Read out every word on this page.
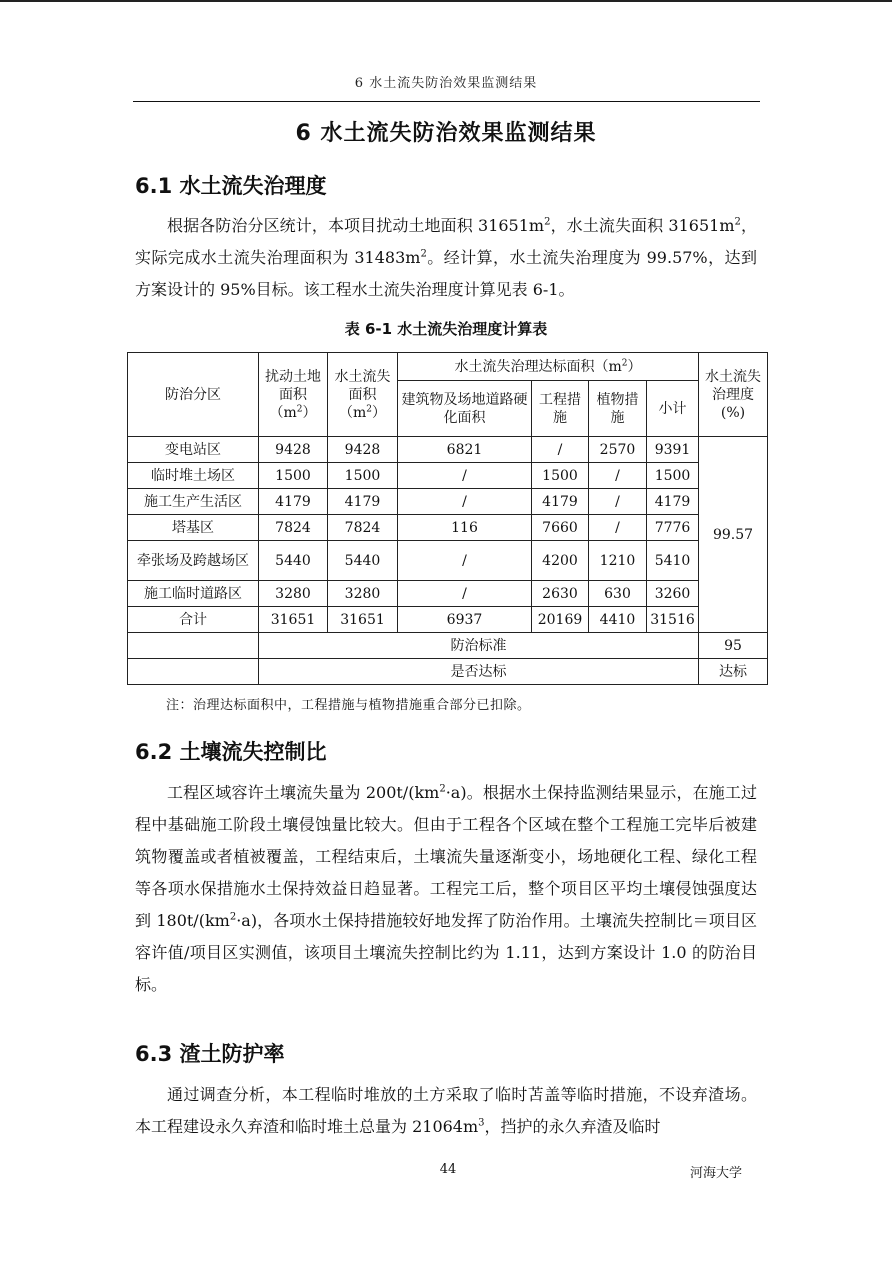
6 水土流失防治效果监测结果
6 水土流失防治效果监测结果
6.1 水土流失治理度

根据各防治分区统计，本项目扰动土地面积 $31651m^2$，水土流失面积 $31651m^2$，实际完成水土流失治理面积为 $31483m^2$。经计算，水土流失治理度为 99.57%，达到方案设计的 95%目标。该工程水土流失治理度计算见表 6-1。

表 6-1 水土流失治理度计算表
防治分区	扰动土地面积$(m^2)$	水土流失面积$(m^2)$	水土流失治理达标面积$(m^2)$				水土流失治理度(%)
			建筑物及场地道路硬化面积	工程措施	植物措施	小计	
变电站区	9428	9428	6821	/	2570	9391	99.57
临时堆土场区	1500	1500	/	1500	/	1500	
施工生产生活区	4179	4179	/	4179	/	4179	
塔基区	7824	7824	116	7660	/	7776	
牵张场及跨越场区	5440	5440	/	4200	1210	5410	
施工临时道路区	3280	3280	/	2630	630	3260	
合计	31651	31651	6937	20169	4410	31516	
	防治标准						95
	是否达标						达标
注：治理达标面积中，工程措施与植物措施重合部分已扣除。
6.2 土壤流失控制比

工程区域容许土壤流失量为 $200t/(km^2\cdot a)$。根据水土保持监测结果显示，在施工过程中基础施工阶段土壤侵蚀量比较大。但由于工程各个区域在整个工程施工完毕后被建筑物覆盖或者植被覆盖，工程结束后，土壤流失量逐渐变小，场地硬化工程、绿化工程等各项水保措施水土保持效益日趋显著。工程完工后，整个项目区平均土壤侵蚀强度达到 $180t/(km^2\cdot a)$，各项水土保持措施较好地发挥了防治作用。土壤流失控制比＝项目区容许值/项目区实测值，该项目土壤流失控制比约为 1.11，达到方案设计 1.0 的防治目标。

6.3 渣土防护率

通过调查分析，本工程临时堆放的土方采取了临时苫盖等临时措施，不设弃渣场。本工程建设永久弃渣和临时堆土总量为 $21064m^3$，挡护的永久弃渣及临时

44	河海大学
